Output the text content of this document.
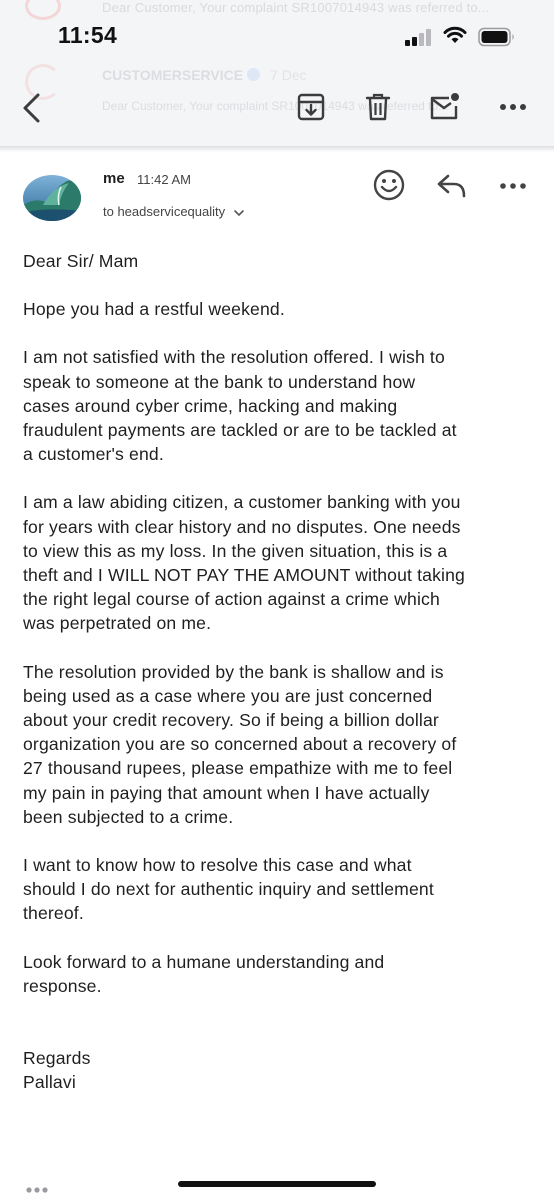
Dear Customer, Your complaint SR1007014943 was referred to...
CUSTOMERSERVICE 7 Dec
Dear Customer, Your complaint SR1007014943 was referred to...
11:54
me 11:42 AM
to headservicequality

Dear Sir/ Mam

Hope you had a restful weekend.

I am not satisfied with the resolution offered. I wish to
speak to someone at the bank to understand how
cases around cyber crime, hacking and making
fraudulent payments are tackled or are to be tackled at
a customer's end.

I am a law abiding citizen, a customer banking with you
for years with clear history and no disputes. One needs
to view this as my loss. In the given situation, this is a
theft and I WILL NOT PAY THE AMOUNT without taking
the right legal course of action against a crime which
was perpetrated on me.

The resolution provided by the bank is shallow and is
being used as a case where you are just concerned
about your credit recovery. So if being a billion dollar
organization you are so concerned about a recovery of
27 thousand rupees, please empathize with me to feel
my pain in paying that amount when I have actually
been subjected to a crime.

I want to know how to resolve this case and what
should I do next for authentic inquiry and settlement
thereof.

Look forward to a humane understanding and
response.

Regards
Pallavi
